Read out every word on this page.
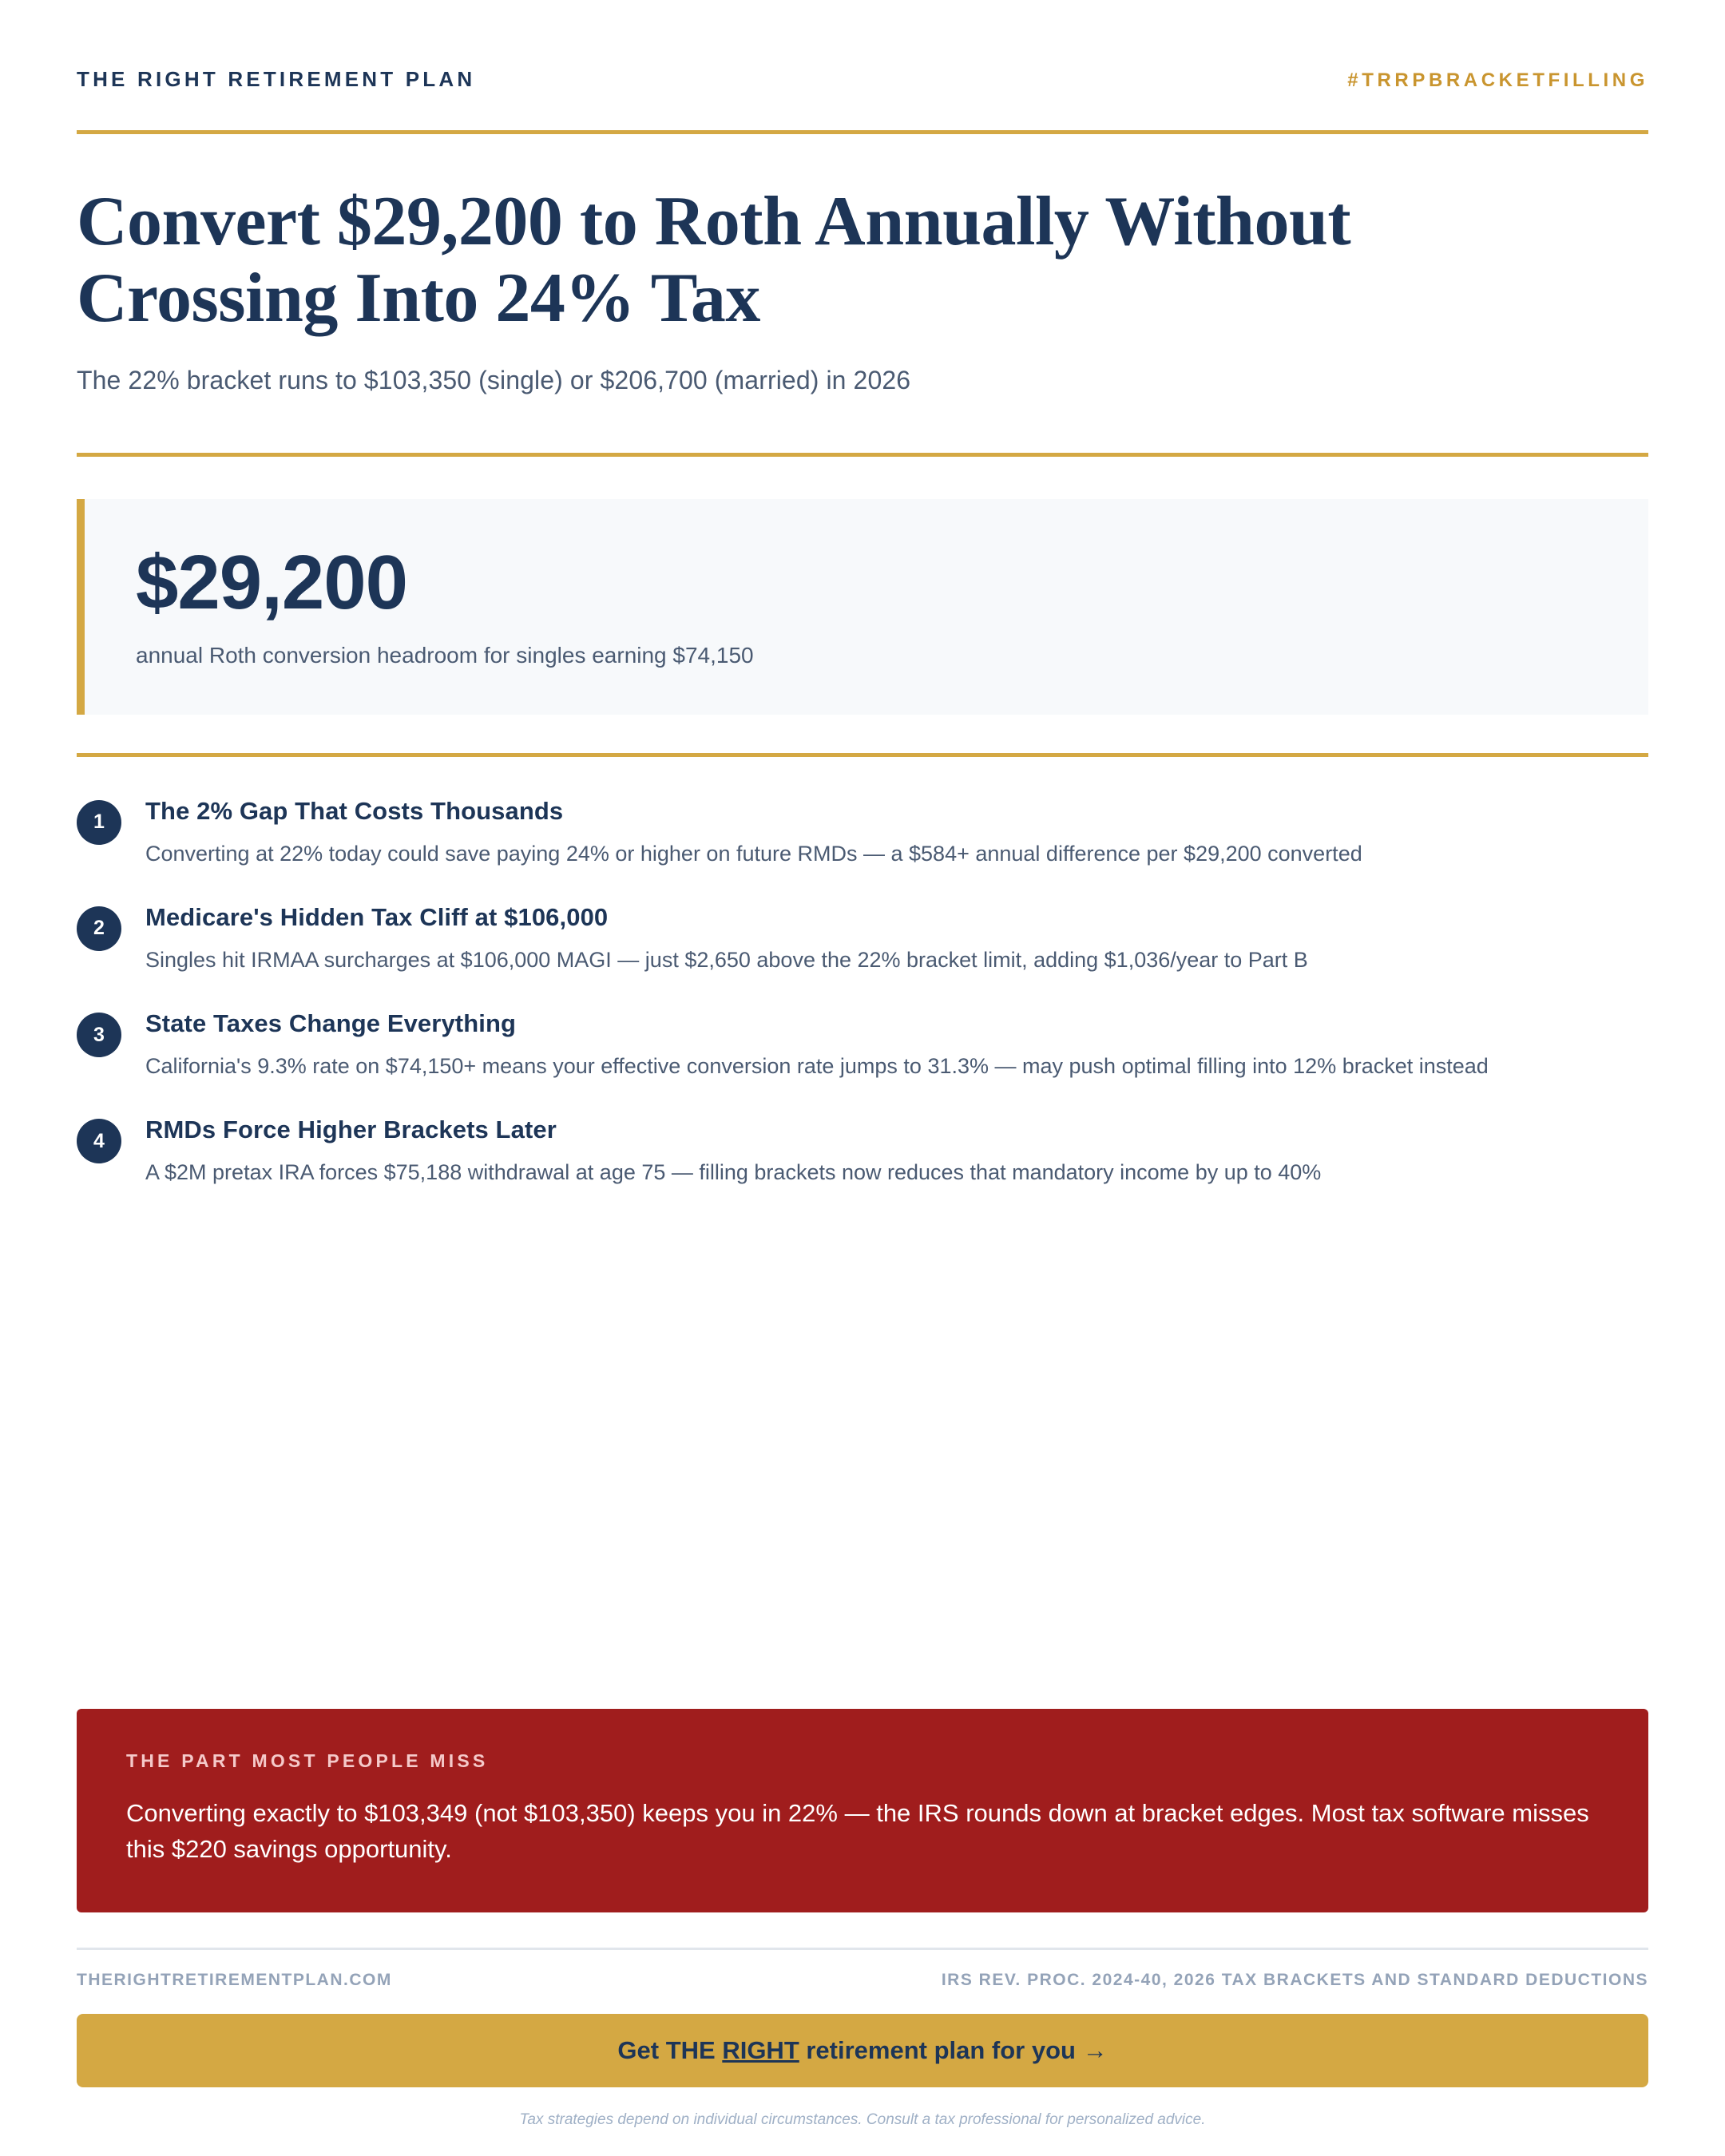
THE RIGHT RETIREMENT PLAN	#TRRPBRACKETFILLING
Convert $29,200 to Roth Annually Without Crossing Into 24% Tax

The 22% bracket runs to $103,350 (single) or $206,700 (married) in 2026

$29,200
annual Roth conversion headroom for singles earning $74,150
1	The 2% Gap That Costs Thousands
Converting at 22% today could save paying 24% or higher on future RMDs — a $584+ annual difference per $29,200 converted
2	Medicare's Hidden Tax Cliff at $106,000
Singles hit IRMAA surcharges at $106,000 MAGI — just $2,650 above the 22% bracket limit, adding $1,036/year to Part B
3	State Taxes Change Everything
California's 9.3% rate on $74,150+ means your effective conversion rate jumps to 31.3% — may push optimal filling into 12% bracket instead
4	RMDs Force Higher Brackets Later
A $2M pretax IRA forces $75,188 withdrawal at age 75 — filling brackets now reduces that mandatory income by up to 40%
THE PART MOST PEOPLE MISS
Converting exactly to $103,349 (not $103,350) keeps you in 22% — the IRS rounds down at bracket edges. Most tax software misses this $220 savings opportunity.
THERIGHTRETIREMENTPLAN.COM	IRS REV. PROC. 2024-40, 2026 TAX BRACKETS AND STANDARD DEDUCTIONS
Get THE RIGHT retirement plan for you →
Tax strategies depend on individual circumstances. Consult a tax professional for personalized advice.
